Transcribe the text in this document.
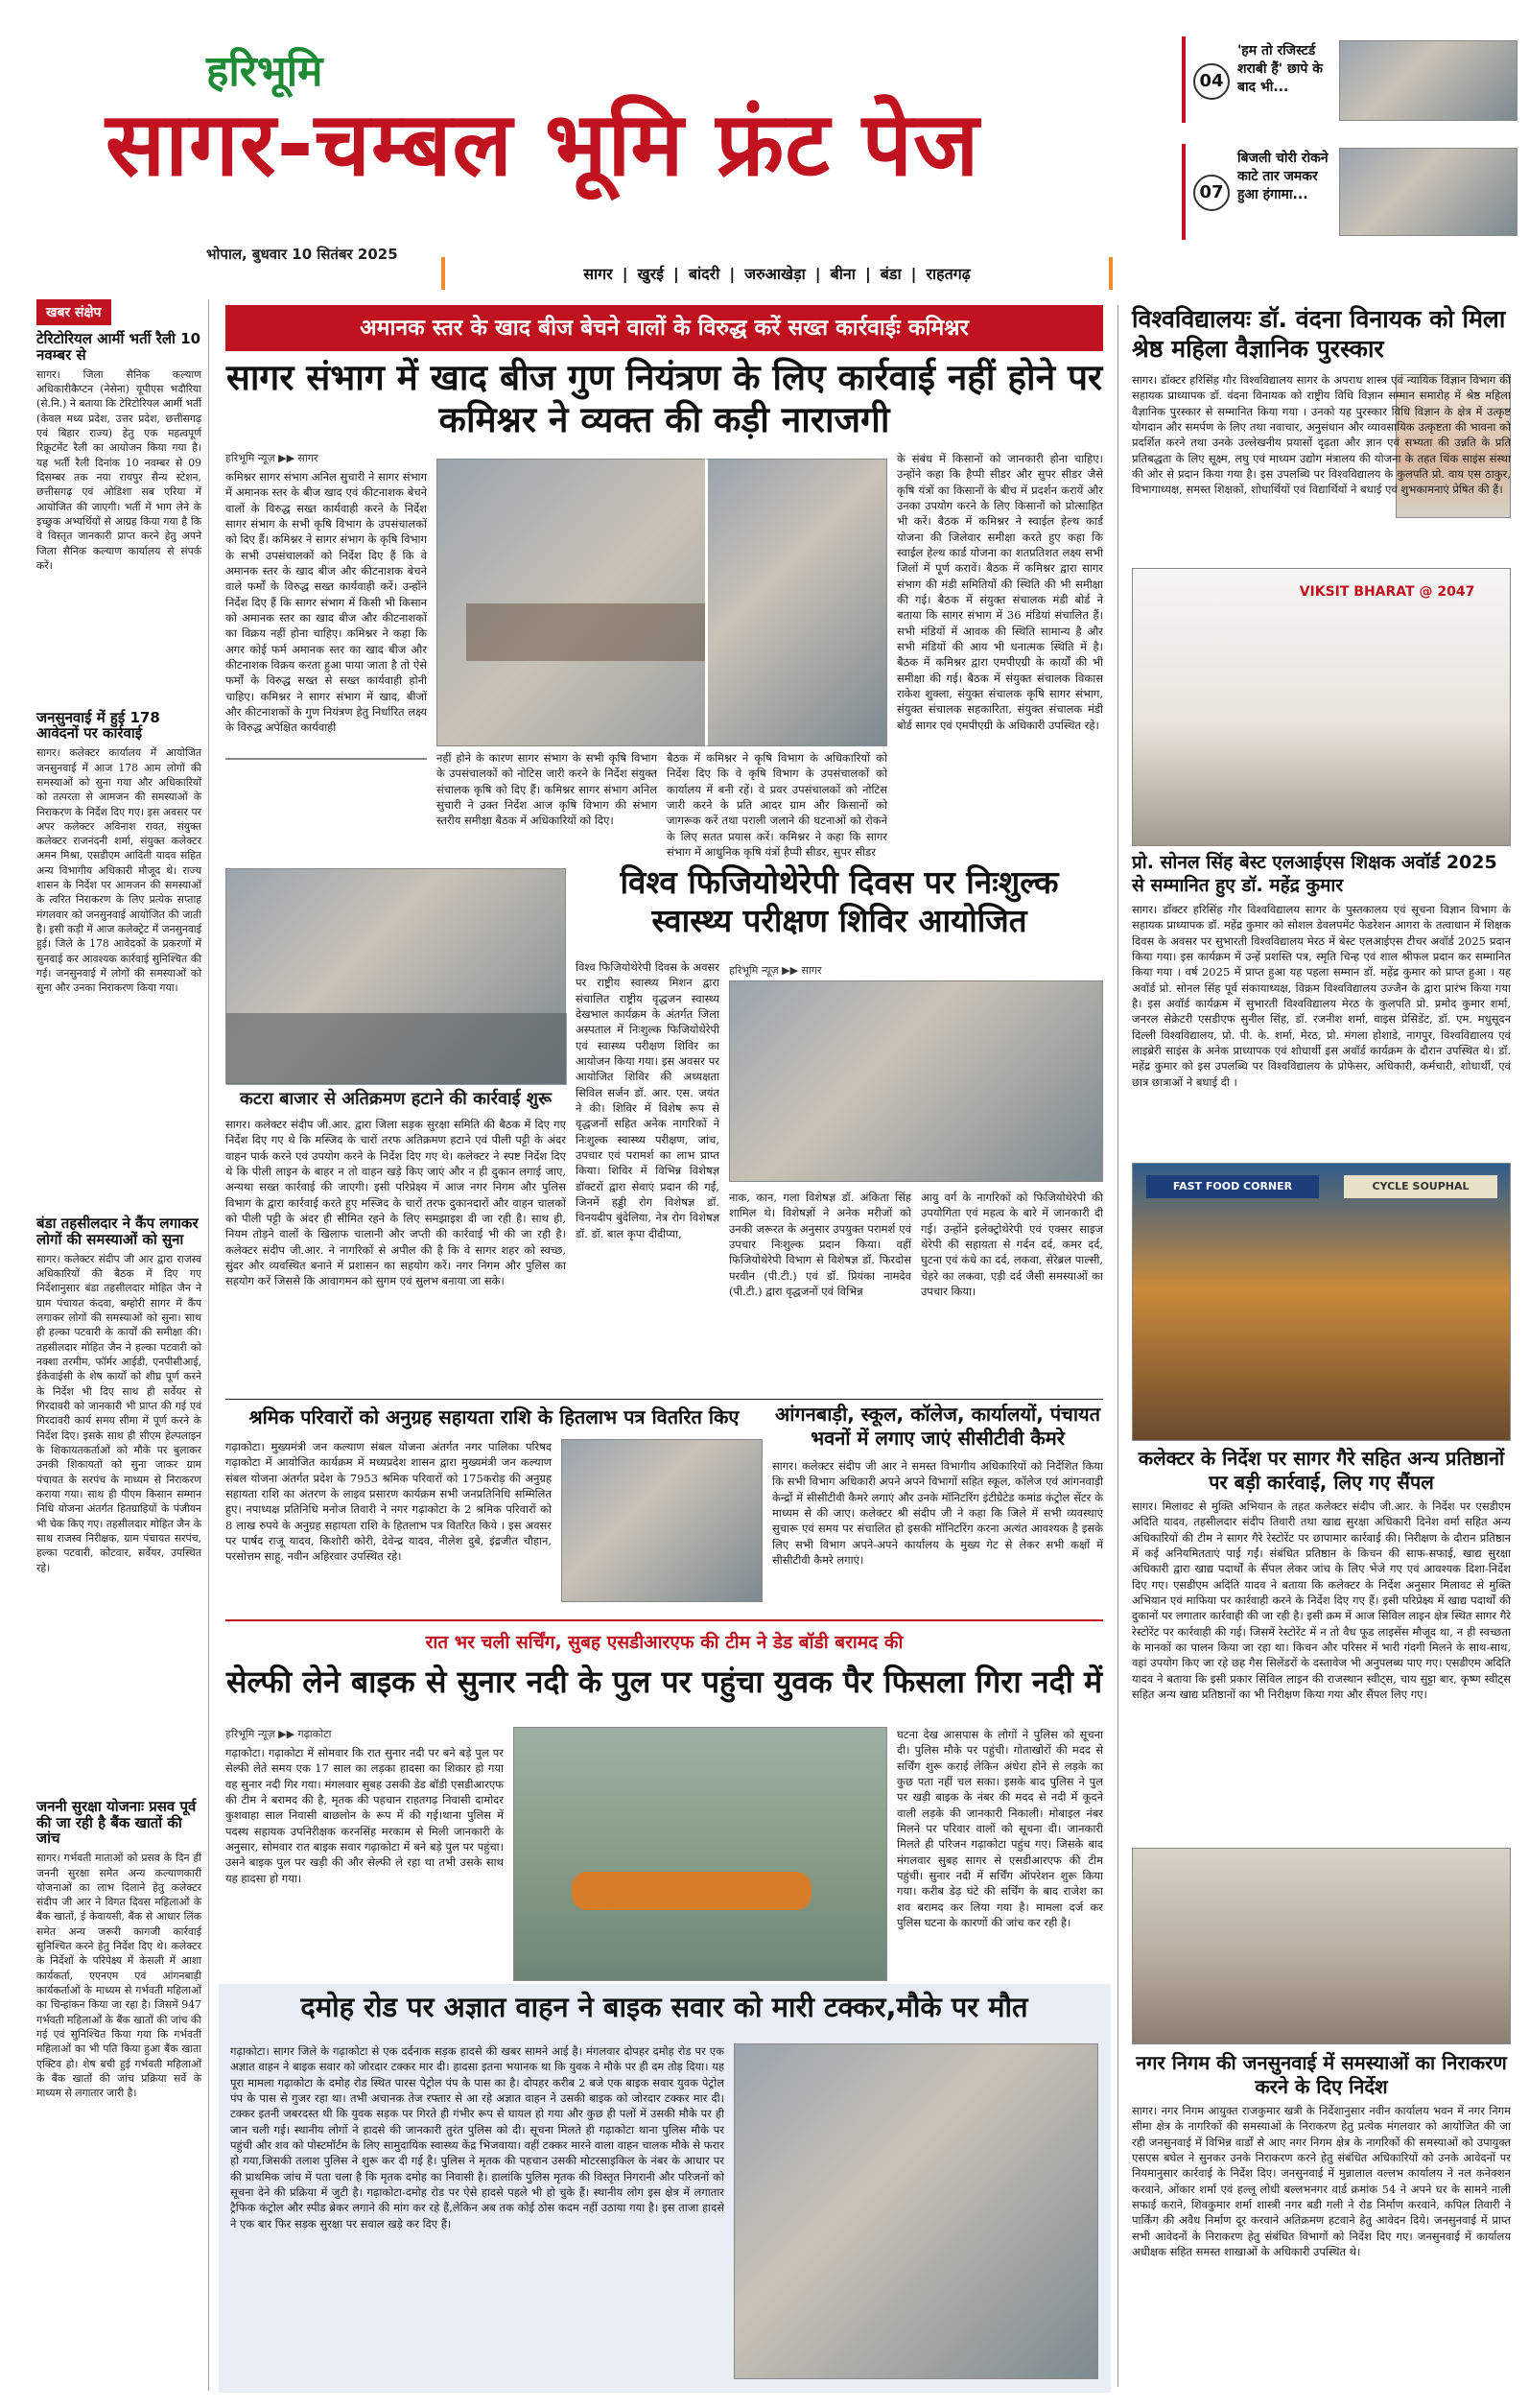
हरिभूमि
सागर-चम्बल भूमि फ्रंट पेज
भोपाल, बुधवार 10 सितंबर 2025
04
'हम तो रजिस्टर्ड शराबी हैं' छापे के बाद भी...
07
बिजली चोरी रोकने काटे तार जमकर हुआ हंगामा...
सागर | खुरई | बांदरी | जरुआखेड़ा | बीना | बंडा | राहतगढ़
खबर संक्षेप
टेरिटोरियल आर्मी भर्ती रैली 10 नवम्बर से
सागर। जिला सैनिक कल्याण अधिकारीकैप्टन (नेसेना) यूपीएस भदौरिया (से.नि.) ने बताया कि टेरिटोरियल आर्मी भर्ती (केवल मध्य प्रदेश, उत्तर प्रदेश, छत्तीसगढ़ एवं बिहार राज्य) हेतु एक महत्वपूर्ण रिक्रूटमेंट रैली का आयोजन किया गया है। यह भर्ती रैली दिनांक 10 नवम्बर से 09 दिसम्बर तक नया रायपुर सैन्य स्टेशन, छत्तीसगढ़ एवं ओडिशा सब एरिया में आयोजित की जाएगी। भर्ती में भाग लेने के इच्छुक अभ्यर्थियों से आग्रह किया गया है कि वे विस्तृत जानकारी प्राप्त करने हेतु अपने जिला सैनिक कल्याण कार्यालय से संपर्क करें।
जनसुनवाई में हुई 178 आवेदनों पर कार्रवाई
सागर। कलेक्टर कार्यालय में आयोजित जनसुनवाई में आज 178 आम लोगों की समस्याओं को सुना गया और अधिकारियों को तत्परता से आमजन की समस्याओं के निराकरण के निर्देश दिए गए। इस अवसर पर अपर कलेक्टर अविनाश रावत, संयुक्त कलेक्टर राजनंदनी शर्मा, संयुक्त कलेक्टर अमन मिश्रा, एसडीएम आदिती यादव सहित अन्य विभागीय अधिकारी मौजूद थे। राज्य शासन के निर्देश पर आमजन की समस्याओं के त्वरित निराकरण के लिए प्रत्येक सप्ताह मंगलवार को जनसुनवाई आयोजित की जाती है। इसी कड़ी में आज कलेक्ट्रेट में जनसुनवाई हुई। जिले के 178 आवेदकों के प्रकरणों में सुनवाई कर आवश्यक कार्रवाई सुनिश्चित की गई। जनसुनवाई में लोगों की समस्याओं को सुना और उनका निराकरण किया गया।
बंडा तहसीलदार ने कैंप लगाकर लोगों की समस्याओं को सुना
सागर। कलेक्टर संदीप जी आर द्वारा राजस्व अधिकारियों की बैठक में दिए गए निर्देशानुसार बंडा तहसीलदार मोहित जैन ने ग्राम पंचायत कंदवा, बम्होरी सागर में कैंप लगाकर लोगों की समस्याओं को सुना। साथ ही हल्का पटवारी के कार्यों की समीक्षा की। तहसीलदार मोहित जैन ने हल्का पटवारी को नक्शा तरमीम, फॉर्मर आईडी, एनपीसीआई, ईकेवाईसी के शेष कार्यों को शीघ्र पूर्ण करने के निर्देश भी दिए साथ ही सर्वेयर से गिरदावरी को जानकारी भी प्राप्त की गई एवं गिरदावरी कार्य समय सीमा में पूर्ण करने के निर्देश दिए। इसके साथ ही सीएम हेल्पलाइन के शिकायतकर्ताओं को मौके पर बुलाकर उनकी शिकायतों को सुना जाकर ग्राम पंचायत के सरपंच के माध्यम से निराकरण कराया गया। साथ ही पीएम किसान सम्मान निधि योजना अंतर्गत हितग्राहियों के पंजीयन भी चेक किए गए। तहसीलदार मोहित जैन के साथ राजस्व निरीक्षक, ग्राम पंचायत सरपंच, हल्का पटवारी, कोटवार, सर्वेयर, उपस्थित रहे।
जननी सुरक्षा योजनाः प्रसव पूर्व की जा रही है बैंक खातों की जांच
सागर। गर्भवती माताओं को प्रसव के दिन ही जननी सुरक्षा समेत अन्य कल्याणकारी योजनाओं का लाभ दिलाने हेतु कलेक्टर संदीप जी आर ने विगत दिवस महिलाओं के बैंक खातों, ई केवायसी, बैंक से आधार लिंक समेत अन्य जरूरी कागजी कार्रवाई सुनिश्चित करने हेतु निर्देश दिए थे। कलेक्टर के निर्देशों के परिपेक्ष्य में केसली में आशा कार्यकर्ता, एएनएम एवं आंगनबाड़ी कार्यकर्ताओं के माध्यम से गर्भवती महिलाओं का चिन्हांकन किया जा रहा है। जिसमें 947 गर्भवती महिलाओं के बैंक खातों की जांच की गई एवं सुनिश्चित किया गया कि गर्भवती महिलाओं का भी पति किया हुआ बैंक खाता एक्टिव हो। शेष बची हुई गर्भवती महिलाओं के बैंक खातों की जांच प्रक्रिया सर्वे के माध्यम से लगातार जारी है।
अमानक स्तर के खाद बीज बेचने वालों के विरुद्ध करें सख्त कार्रवाईः कमिश्नर
सागर संभाग में खाद बीज गुण नियंत्रण के लिए कार्रवाई नहीं होने पर कमिश्नर ने व्यक्त की कड़ी नाराजगी
हरिभूमि न्यूज़ ▶▶ सागर
कमिश्नर सागर संभाग अनिल सुचारी ने सागर संभाग में अमानक स्तर के बीज खाद एवं कीटनाशक बेचने वालों के विरुद्ध सख्त कार्यवाही करने के निर्देश सागर संभाग के सभी कृषि विभाग के उपसंचालकों को दिए हैं। कमिश्नर ने सागर संभाग के कृषि विभाग के सभी उपसंचालकों को निर्देश दिए हैं कि वे अमानक स्तर के खाद बीज और कीटनाशक बेचने वाले फर्मों के विरुद्ध सख्त कार्यवाही करें। उन्होंने निर्देश दिए हैं कि सागर संभाग में किसी भी किसान को अमानक स्तर का खाद बीज और कीटनाशकों का विक्रय नहीं होना चाहिए। कमिश्नर ने कहा कि अगर कोई फर्म अमानक स्तर का खाद बीज और कीटनाशक विक्रय करता हुआ पाया जाता है तो ऐसे फर्मों के विरुद्ध सख्त से सख्त कार्यवाही होनी चाहिए। कमिश्नर ने सागर संभाग में खाद, बीजों और कीटनाशकों के गुण नियंत्रण हेतु निर्धारित लक्ष्य के विरुद्ध अपेक्षित कार्यवाही
के संबंध में किसानों को जानकारी होना चाहिए। उन्होंने कहा कि हैप्पी सीडर और सुपर सीडर जैसे कृषि यंत्रों का किसानों के बीच में प्रदर्शन करायें और उनका उपयोग करने के लिए किसानों को प्रोत्साहित भी करें। बैठक में कमिश्नर ने स्वाईल हेल्थ कार्ड योजना की जिलेवार समीक्षा करते हुए कहा कि स्वाईल हेल्थ कार्ड योजना का शतप्रतिशत लक्ष्य सभी जिलों में पूर्ण करावें। बैठक में कमिश्नर द्वारा सागर संभाग की मंडी समितियों की स्थिति की भी समीक्षा की गई। बैठक में संयुक्त संचालक मंडी बोर्ड ने बताया कि सागर संभाग में 36 मंडियां संचालित हैं। सभी मंडियों में आवक की स्थिति सामान्य है और सभी मंडियों की आय भी धनात्मक स्थिति में है। बैठक में कमिश्नर द्वारा एमपीएग्री के कार्यों की भी समीक्षा की गई। बैठक में संयुक्त संचालक विकास राकेश शुक्ला, संयुक्त संचालक कृषि सागर संभाग, संयुक्त संचालक सहकारिता, संयुक्त संचालक मंडी बोर्ड सागर एवं एमपीएग्री के अधिकारी उपस्थित रहे।
नहीं होने के कारण सागर संभाग के सभी कृषि विभाग के उपसंचालकों को नोटिस जारी करने के निर्देश संयुक्त संचालक कृषि को दिए हैं। कमिश्नर सागर संभाग अनिल सुचारी ने उक्त निर्देश आज कृषि विभाग की संभाग स्तरीय समीक्षा बैठक में अधिकारियों को दिए।
बैठक में कमिश्नर ने कृषि विभाग के अधिकारियों को निर्देश दिए कि वे कृषि विभाग के उपसंचालकों को कार्यालय में बनी रहें। वे प्रवर उपसंचालकों को नोटिस जारी करने के प्रति आदर ग्राम और किसानों को जागरूक करें तथा पराली जलाने की घटनाओं को रोकने के लिए सतत प्रयास करें। कमिश्नर ने कहा कि सागर संभाग में आधुनिक कृषि यंत्रों हैप्पी सीडर, सुपर सीडर
कटरा बाजार से अतिक्रमण हटाने की कार्रवाई शुरू
सागर। कलेक्टर संदीप जी.आर. द्वारा जिला सड़क सुरक्षा समिति की बैठक में दिए गए निर्देश दिए गए थे कि मस्जिद के चारों तरफ अतिक्रमण हटाने एवं पीली पट्टी के अंदर वाहन पार्क करने एवं उपयोग करने के निर्देश दिए गए थे। कलेक्टर ने स्पष्ट निर्देश दिए थे कि पीली लाइन के बाहर न तो वाहन खड़े किए जाएं और न ही दुकान लगाई जाए, अन्यथा सख्त कार्रवाई की जाएगी। इसी परिप्रेक्ष्य में आज नगर निगम और पुलिस विभाग के द्वारा कार्रवाई करते हुए मस्जिद के चारों तरफ दुकानदारों और वाहन चालकों को पीली पट्टी के अंदर ही सीमित रहने के लिए समझाइश दी जा रही है। साथ ही, नियम तोड़ने वालों के खिलाफ चालानी और जप्ती की कार्रवाई भी की जा रही है। कलेक्टर संदीप जी.आर. ने नागरिकों से अपील की है कि वे सागर शहर को स्वच्छ, सुंदर और व्यवस्थित बनाने में प्रशासन का सहयोग करें। नगर निगम और पुलिस का सहयोग करें जिससे कि आवागमन को सुगम एवं सुलभ बनाया जा सके।
विश्व फिजियोथेरेपी दिवस पर निःशुल्क स्वास्थ्य परीक्षण शिविर आयोजित
विश्व फिजियोथेरेपी दिवस के अवसर पर राष्ट्रीय स्वास्थ्य मिशन द्वारा संचालित राष्ट्रीय वृद्धजन स्वास्थ्य देखभाल कार्यक्रम के अंतर्गत जिला अस्पताल में निःशुल्क फिजियोथेरेपी एवं स्वास्थ्य परीक्षण शिविर का आयोजन किया गया। इस अवसर पर आयोजित शिविर की अध्यक्षता सिविल सर्जन डॉ. आर. एस. जयंत ने की। शिविर में विशेष रूप से वृद्धजनों सहित अनेक नागरिकों ने निःशुल्क स्वास्थ्य परीक्षण, जांच, उपचार एवं परामर्श का लाभ प्राप्त किया। शिविर में विभिन्न विशेषज्ञ डॉक्टरों द्वारा सेवाएं प्रदान की गईं, जिनमें हड्डी रोग विशेषज्ञ डॉ. विनयदीप बुंदेलिया, नेत्र रोग विशेषज्ञ डॉ. डॉ. बाल कृपा दीदीप्या,
हरिभूमि न्यूज़ ▶▶ सागर
नाक, कान, गला विशेषज्ञ डॉ. अंकिता सिंह शामिल थे। विशेषज्ञों ने अनेक मरीजों को उनकी जरूरत के अनुसार उपयुक्त परामर्श एवं उपचार निःशुल्क प्रदान किया। वहीं फिजियोथेरेपी विभाग से विशेषज्ञ डॉ. फिरदोस परवीन (पी.टी.) एवं डॉ. प्रियंका नामदेव (पी.टी.) द्वारा वृद्धजनों एवं विभिन्न
आयु वर्ग के नागरिकों को फिजियोथेरेपी की उपयोगिता एवं महत्व के बारे में जानकारी दी गई। उन्होंने इलेक्ट्रोथेरेपी एवं एक्सर साइज थेरेपी की सहायता से गर्दन दर्द, कमर दर्द, घुटना एवं कंधे का दर्द, लकवा, सेरेब्रल पाल्सी, चेहरे का लकवा, एड़ी दर्द जैसी समस्याओं का उपचार किया।
श्रमिक परिवारों को अनुग्रह सहायता राशि के हितलाभ पत्र वितरित किए
गढ़ाकोटा। मुख्यमंत्री जन कल्याण संबल योजना अंतर्गत नगर पालिका परिषद गढ़ाकोटा में आयोजित कार्यक्रम में मध्यप्रदेश शासन द्वारा मुख्यमंत्री जन कल्याण संबल योजना अंतर्गत प्रदेश के 7953 श्रमिक परिवारों को 175करोड़ की अनुग्रह सहायता राशि का अंतरण के लाइव प्रसारण कार्यक्रम सभी जनप्रतिनिधि सम्मिलित हुए। नपाध्यक्ष प्रतिनिधि मनोज तिवारी ने नगर गढ़ाकोटा के 2 श्रमिक परिवारों को 8 लाख रुपये के अनुग्रह सहायता राशि के हितलाभ पत्र वितरित किये । इस अवसर पर पार्षद राजू यादव, किशोरी कोरी, देवेन्द्र यादव, नीलेश दुबे, इंद्रजीत चौहान, परसोत्तम साहू, नवीन अहिरवार उपस्थित रहे।
आंगनबाड़ी, स्कूल, कॉलेज, कार्यालयों, पंचायत भवनों में लगाए जाएं सीसीटीवी कैमरे
सागर। कलेक्टर संदीप जी आर ने समस्त विभागीय अधिकारियों को निर्देशित किया कि सभी विभाग अधिकारी अपने अपने विभागों सहित स्कूल, कॉलेज एवं आंगनवाड़ी केन्द्रों में सीसीटीवी कैमरे लगाएं और उनके मॉनिटरिंग इंटीग्रेटेड कमांड कंट्रोल सेंटर के माध्यम से की जाए। कलेक्टर श्री संदीप जी ने कहा कि जिले में सभी व्यवस्थाएं सुचारू एवं समय पर संचालित हो इसकी मॉनिटरिंग करना अत्यंत आवश्यक है इसके लिए सभी विभाग अपने-अपने कार्यालय के मुख्य गेट से लेकर सभी कक्षों में सीसीटीवी कैमरे लगाएं।
रात भर चली सर्चिंग, सुबह एसडीआरएफ की टीम ने डेड बॉडी बरामद की
सेल्फी लेने बाइक से सुनार नदी के पुल पर पहुंचा युवक पैर फिसला गिरा नदी में
हरिभूमि न्यूज़ ▶▶ गढ़ाकोटा
गढ़ाकोटा। गढ़ाकोटा में सोमवार कि रात सुनार नदी पर बने बड़े पुल पर सेल्फी लेते समय एक 17 साल का लड़का हादसा का शिकार हो गया वह सुनार नदी गिर गया। मंगलवार सुबह उसकी डेड बॉडी एसडीआरएफ की टीम ने बरामद की है, मृतक की पहचान राहतगढ़ निवासी दामोदर कुशवाहा साल निवासी बाछलोन के रूप में की गई।थाना पुलिस में पदस्थ सहायक उपनिरीक्षक करनसिंह मरकाम से मिली जानकारी के अनुसार, सोमवार रात बाइक सवार गढ़ाकोटा में बने बड़े पुल पर पहुंचा। उसने बाइक पुल पर खड़ी की और सेल्फी ले रहा था तभी उसके साथ यह हादसा हो गया।
घटना देख आसपास के लोगों ने पुलिस को सूचना दी। पुलिस मौके पर पहुंची। गोताखोरों की मदद से सर्चिंग शुरू कराई लेकिन अंधेरा होने से लड़के का कुछ पता नहीं चल सका। इसके बाद पुलिस ने पुल पर खड़ी बाइक के नंबर की मदद से नदी में कूदने वाली लड़के की जानकारी निकाली। मोबाइल नंबर मिलने पर परिवार वालों को सूचना दी। जानकारी मिलते ही परिजन गढ़ाकोटा पहुंच गए। जिसके बाद मंगलवार सुबह सागर से एसडीआरएफ की टीम पहुंची। सुनार नदी में सर्चिंग ऑपरेशन शुरू किया गया। करीब डेढ़ घंटे की सर्चिंग के बाद राजेश का शव बरामद कर लिया गया है। मामला दर्ज कर पुलिस घटना के कारणों की जांच कर रही है।
दमोह रोड पर अज्ञात वाहन ने बाइक सवार को मारी टक्कर,मौके पर मौत
गढ़ाकोटा। सागर जिले के गढ़ाकोटा से एक दर्दनाक सड़क हादसे की खबर सामने आई है। मंगलवार दोपहर दमोह रोड पर एक अज्ञात वाहन ने बाइक सवार को जोरदार टक्कर मार दी। हादसा इतना भयानक था कि युवक ने मौके पर ही दम तोड़ दिया। यह पूरा मामला गढ़ाकोटा के दमोह रोड स्थित पारस पेट्रोल पंप के पास का है। दोपहर करीब 2 बजे एक बाइक सवार युवक पेट्रोल पंप के पास से गुजर रहा था। तभी अचानक तेज रफ्तार से आ रहे अज्ञात वाहन ने उसकी बाइक को जोरदार टक्कर मार दी। टक्कर इतनी जबरदस्त थी कि युवक सड़क पर गिरते ही गंभीर रूप से घायल हो गया और कुछ ही पलों में उसकी मौके पर ही जान चली गई। स्थानीय लोगों ने हादसे की जानकारी तुरंत पुलिस को दी। सूचना मिलते ही गढ़ाकोटा थाना पुलिस मौके पर पहुंची और शव को पोस्टमॉर्टम के लिए सामुदायिक स्वास्थ्य केंद्र भिजवाया। वहीं टक्कर मारने वाला वाहन चालक मौके से फरार हो गया,जिसकी तलाश पुलिस ने शुरू कर दी गई है। पुलिस ने मृतक की पहचान उसकी मोटरसाइकिल के नंबर के आधार पर की प्राथमिक जांच में पता चला है कि मृतक दमोह का निवासी है। हालांकि पुलिस मृतक की विस्तृत निगरानी और परिजनों को सूचना देने की प्रक्रिया में जुटी है। गढ़ाकोटा-दमोह रोड पर ऐसे हादसे पहले भी हो चुके हैं। स्थानीय लोग इस क्षेत्र में लगातार ट्रैफिक कंट्रोल और स्पीड ब्रेकर लगाने की मांग कर रहे हैं,लेकिन अब तक कोई ठोस कदम नहीं उठाया गया है। इस ताजा हादसे ने एक बार फिर सड़क सुरक्षा पर सवाल खड़े कर दिए हैं।
विश्वविद्यालयः डॉ. वंदना विनायक को मिला श्रेष्ठ महिला वैज्ञानिक पुरस्कार
सागर। डॉक्टर हरिसिंह गौर विश्वविद्यालय सागर के अपराध शास्त्र एवं न्यायिक विज्ञान विभाग की सहायक प्राध्यापक डॉ. वंदना विनायक को राष्ट्रीय विधि विज्ञान सम्मान समारोह में श्रेष्ठ महिला वैज्ञानिक पुरस्कार से सम्मानित किया गया । उनको यह पुरस्कार विधि विज्ञान के क्षेत्र में उत्कृष्ट योगदान और समर्पण के लिए तथा नवाचार, अनुसंधान और व्यावसायिक उत्कृष्टता की भावना को प्रदर्शित करने तथा उनके उल्लेखनीय प्रयासों दृढ़ता और ज्ञान एवं सभ्यता की उन्नति के प्रति प्रतिबद्धता के लिए सूक्ष्म, लघु एवं माध्यम उद्योग मंत्रालय की योजना के तहत थिंक साइंस संस्था की ओर से प्रदान किया गया है। इस उपलब्धि पर विश्वविद्यालय के कुलपति प्रो. वाय एस ठाकुर, विभागाध्यक्ष, समस्त शिक्षकों, शोधार्थियों एवं विद्यार्थियों ने बधाई एवं शुभकामनाएं प्रेषित की हैं।
VIKSIT BHARAT @ 2047
प्रो. सोनल सिंह बेस्ट एलआईएस शिक्षक अवॉर्ड 2025 से सम्मानित हुए डॉ. महेंद्र कुमार
सागर। डॉक्टर हरिसिंह गौर विश्वविद्यालय सागर के पुस्तकालय एवं सूचना विज्ञान विभाग के सहायक प्राध्यापक डॉ. महेंद्र कुमार को सोशल डेवलपमेंट फेडरेशन आगरा के तत्वाधान में शिक्षक दिवस के अवसर पर सुभारती विश्वविद्यालय मेरठ में बेस्ट एलआईएस टीचर अवॉर्ड 2025 प्रदान किया गया। इस कार्यक्रम में उन्हें प्रशस्ति पत्र, स्मृति चिन्ह एवं शाल श्रीफल प्रदान कर सम्मानित किया गया । वर्ष 2025 में प्राप्त हुआ यह पहला सम्मान डॉ. महेंद्र कुमार को प्राप्त हुआ । यह अवॉर्ड प्रो. सोनल सिंह पूर्व संकायाध्यक्ष, विक्रम विश्वविद्यालय उज्जैन के द्वारा प्रारंभ किया गया है। इस अवॉर्ड कार्यक्रम में सुभारती विश्वविद्यालय मेरठ के कुलपति प्रो. प्रमोद कुमार शर्मा, जनरल सेक्रेटरी एसडीएफ सुनील सिंह, डॉ. रजनीश शर्मा, वाइस प्रेसिडेंट, डॉ. एम. मधुसूदन दिल्ली विश्वविद्यालय, प्रो. पी. के. शर्मा, मेरठ, प्रो. मंगला होशाडे, नागपुर, विश्वविद्यालय एवं लाइब्रेरी साइंस के अनेक प्राध्यापक एवं शोधार्थी इस अवॉर्ड कार्यक्रम के दौरान उपस्थित थे। डॉ. महेंद्र कुमार को इस उपलब्धि पर विश्वविद्यालय के प्रोफेसर, अधिकारी, कर्मचारी, शोधार्थी, एवं छात्र छात्राओं ने बधाई दी ।
FAST FOOD CORNER	CYCLE SOUPHAL
कलेक्टर के निर्देश पर सागर गैरे सहित अन्य प्रतिष्ठानों पर बड़ी कार्रवाई, लिए गए सैंपल
सागर। मिलावट से मुक्ति अभियान के तहत कलेक्टर संदीप जी.आर. के निर्देश पर एसडीएम अदिति यादव, तहसीलदार संदीप तिवारी तथा खाद्य सुरक्षा अधिकारी दिनेश वर्मा सहित अन्य अधिकारियों की टीम ने सागर गैरे रेस्टोरेंट पर छापामार कार्रवाई की। निरीक्षण के दौरान प्रतिष्ठान में कई अनियमितताएं पाई गईं। संबंधित प्रतिष्ठान के किचन की साफ-सफाई, खाद्य सुरक्षा अधिकारी द्वारा खाद्य पदार्थों के सैंपल लेकर जांच के लिए भेजे गए एवं आवश्यक दिशा-निर्देश दिए गए। एसडीएम अदिति यादव ने बताया कि कलेक्टर के निर्देश अनुसार मिलावट से मुक्ति अभियान एवं माफिया पर कार्रवाही करने के निर्देश दिए गए हैं। इसी परिप्रेक्ष्य में खाद्य पदार्थों की दुकानों पर लगातार कार्रवाही की जा रही है। इसी क्रम में आज सिविल लाइन क्षेत्र स्थित सागर गैरे रेस्टोरेंट पर कार्रवाही की गई। जिसमें रेस्टोरेंट में न तो वैध फूड लाइसेंस मौजूद था, न ही स्वच्छता के मानकों का पालन किया जा रहा था। किचन और परिसर में भारी गंदगी मिलने के साथ-साथ, वहां उपयोग किए जा रहे छह गैस सिलेंडरों के दस्तावेज भी अनुपलब्ध पाए गए। एसडीएम अदिति यादव ने बताया कि इसी प्रकार सिविल लाइन की राजस्थान स्वीट्स, चाय सुट्टा बार, कृष्ण स्वीट्स सहित अन्य खाद्य प्रतिष्ठानों का भी निरीक्षण किया गया और सैंपल लिए गए।
नगर निगम की जनसुनवाई में समस्याओं का निराकरण करने के दिए निर्देश
सागर। नगर निगम आयुक्त राजकुमार खत्री के निर्देशानुसार नवीन कार्यालय भवन में नगर निगम सीमा क्षेत्र के नागरिकों की समस्याओं के निराकरण हेतु प्रत्येक मंगलवार को आयोजित की जा रही जनसुनवाई में विभिन्न वार्डों से आए नगर निगम क्षेत्र के नागरिकों की समस्याओं को उपायुक्त एसएस बघेल ने सुनकर उनके निराकरण करने हेतु संबंधित अधिकारियों को उनके आवेदनों पर नियमानुसार कार्रवाई के निर्देश दिए। जनसुनवाई में मुन्नालाल वल्लभ कार्यालय ने नल कनेक्शन करवाने, ओंकार शर्मा एवं हल्लू लोधी बल्लभनगर वार्ड क्रमांक 54 ने अपने घर के सामने नाली सफाई कराने, शिवकुमार शर्मा शास्त्री नगर बडी गली ने रोड निर्माण करवाने, कपिल तिवारी ने पार्किंग की अवैध निर्माण दूर करवाने अतिक्रमण हटवाने हेतु आवेदन दिये। जनसुनवाई में प्राप्त सभी आवेदनों के निराकरण हेतु संबंधित विभागों को निर्देश दिए गए। जनसुनवाई में कार्यालय अधीक्षक सहित समस्त शाखाओं के अधिकारी उपस्थित थे।
